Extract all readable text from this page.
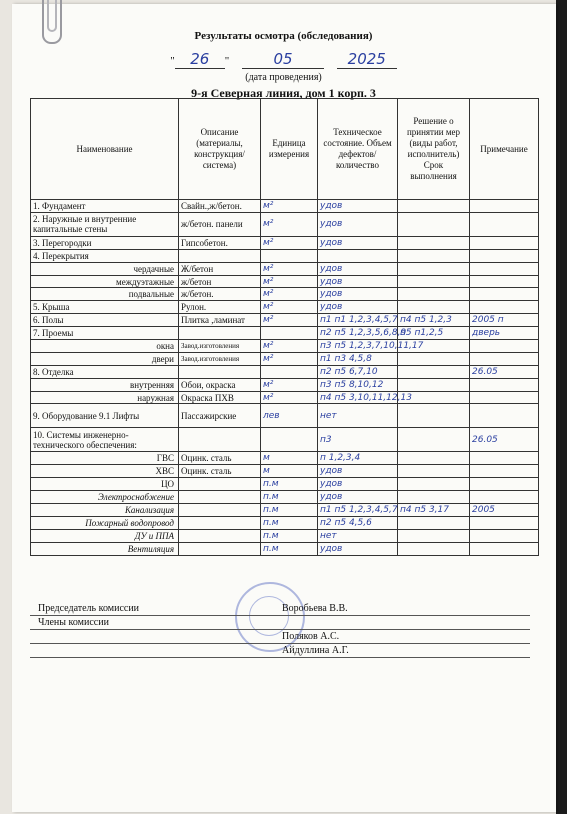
Результаты осмотра (обследования)
" 26 "	05	2025
(дата проведения)
9-я Северная линия, дом 1 корп. 3
Наименование	Описание (материалы, конструкция/ система)	Единица измерения	Техническое состояние. Объем дефектов/ количество	Решение о принятии мер (виды работ, исполнитель) Срок выполнения	Примечание
1. Фундамент	Свайн.,ж/бетон.	м²	удов		
2. Наружные и внутренние капитальные стены	ж/бетон. панели	м²	удов		
3. Перегородки	Гипсобетон.	м²	удов		
4. Перекрытия					
чердачные	Ж/бетон	м²	удов		
междуэтажные	ж/бетон	м²	удов		
подвальные	ж/бетон.	м²	удов		
5. Крыша	Рулон.	м²	удов		
6. Полы	Плитка ,ламинат	м²	п1 п1 1,2,3,4,5,7	п4 п5 1,2,3	2005 п
7. Проемы			п2 п5 1,2,3,5,6,8,9	п5 п1,2,5	дверь
окна	Завод.изготовления	м²	п3 п5 1,2,3,7,10,11,17		
двери	Завод.изготовления	м²	п1 п3 4,5,8		
8. Отделка			п2 п5 6,7,10		26.05
внутренняя	Обои, окраска	м²	п3 п5 8,10,12		
наружная	Окраска ПХВ	м²	п4 п5 3,10,11,12,13		
9. Оборудование 9.1 Лифты	Пассажирские	лев	нет		
10. Системы инженерно-технического обеспечения:			п3		26.05
ГВС	Оцинк. сталь	м	п 1,2,3,4		
ХВС	Оцинк. сталь	м	удов		
ЦО		п.м	удов		
Электроснабжение		п.м	удов		
Канализация		п.м	п1 п5 1,2,3,4,5,7	п4 п5 3,17	2005
Пожарный водопровод		п.м	п2 п5 4,5,6		
ДУ и ППА		п.м	нет		
Вентиляция		п.м	удов		
Председатель комиссии	Воробьева В.В.
Члены комиссии
Поляков А.С.
Айдуллина А.Г.
